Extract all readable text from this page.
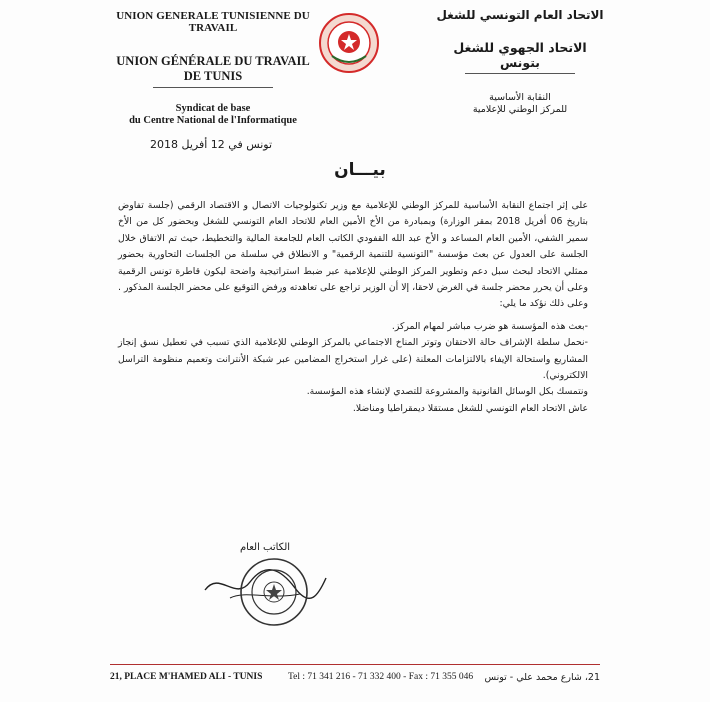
UNION GENERALE TUNISIENNE DU TRAVAIL
UNION GÉNÉRALE DU TRAVAIL
DE TUNIS
Syndicat de base
du Centre National de l'Informatique
الاتحاد العام التونسي للشغل
الاتحاد الجهوي للشغل
بتونس
النقابة الأساسية
للمركز الوطني للإعلامية
تونس في 12 أفريل 2018
بيـــان

على إثر اجتماع النقابة الأساسية للمركز الوطني للإعلامية مع وزير تكنولوجيات الاتصال و الاقتصاد الرقمي (جلسة تفاوض بتاريخ 06 أفريل 2018 بمقر الوزارة) وبمبادرة من الأخ الأمين العام للاتحاد العام التونسي للشغل وبحضور كل من الأخ سمير الشفي، الأمين العام المساعد و الأخ عبد الله القفودي الكاتب العام للجامعة المالية والتخطيط، حيث تم الاتفاق خلال الجلسة على العدول عن بعث مؤسسة "التونسية للتنمية الرقمية" و الانطلاق في سلسلة من الجلسات التحاورية بحضور ممثلي الاتحاد لبحث سبل دعم وتطوير المركز الوطني للإعلامية عبر ضبط استراتيجية واضحة ليكون قاطرة تونس الرقمية وعلى أن يحرر محضر جلسة في الغرض لاحقا، إلا أن الوزير تراجع على تعاهدته ورفض التوقيع على محضر الجلسة المذكور . وعلى ذلك نؤكد ما يلي:

-بعث هذه المؤسسة هو ضرب مباشر لمهام المركز.
-نحمل سلطة الإشراف حالة الاحتقان وتوتر المناخ الاجتماعي بالمركز الوطني للإعلامية الذي تسبب في تعطيل نسق إنجاز المشاريع واستحالة الإيفاء بالالتزامات المعلنة (على غرار استخراج المضامين عبر شبكة الأنترانت وتعميم منظومة التراسل الالكتروني).

ونتمسك بكل الوسائل القانونية والمشروعة للتصدي لإنشاء هذه المؤسسة.

عاش الاتحاد العام التونسي للشغل مستقلا ديمقراطيا ومناضلا.

الكاتب العام
21, PLACE M'HAMED ALI - TUNIS	Tel : 71 341 216 - 71 332 400 - Fax : 71 355 046 21، شارع محمد علي - تونس
